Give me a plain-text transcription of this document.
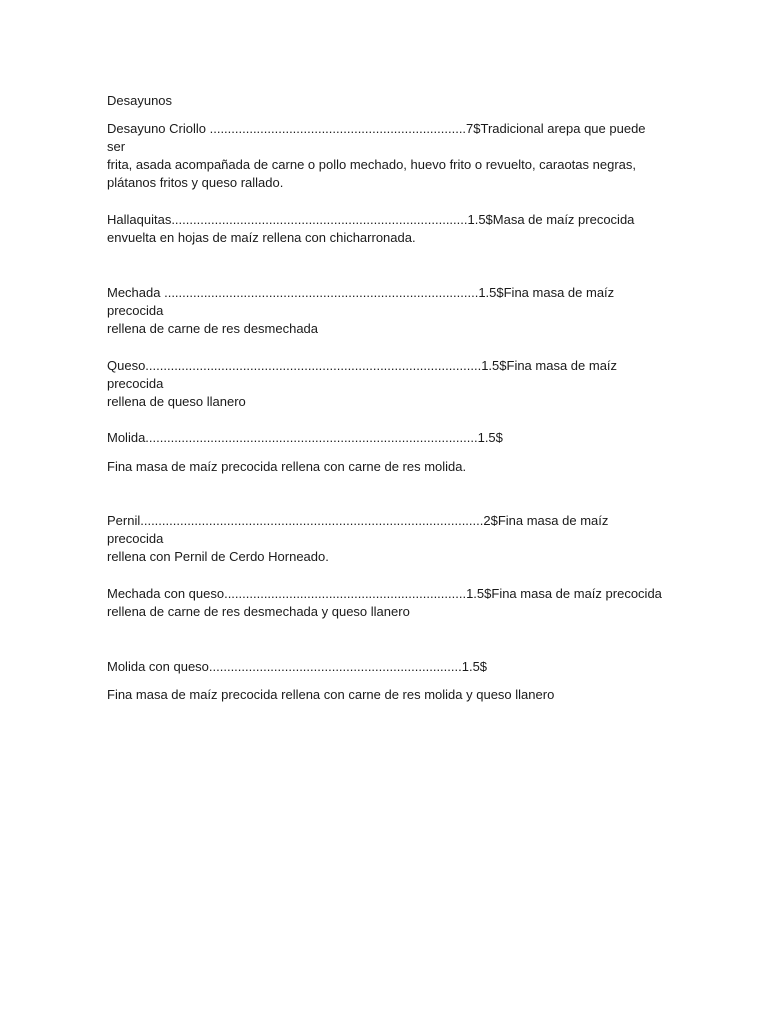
Desayunos

Desayuno Criollo .......................................................................7$Tradicional arepa que puede ser
frita, asada acompañada de carne o pollo mechado, huevo frito o revuelto, caraotas negras,
plátanos fritos y queso rallado.

Hallaquitas..................................................................................1.5$Masa de maíz precocida
envuelta en hojas de maíz rellena con chicharronada.

Mechada .......................................................................................1.5$Fina masa de maíz precocida
rellena de carne de res desmechada

Queso.............................................................................................1.5$Fina masa de maíz precocida
rellena de queso llanero

Molida............................................................................................1.5$

Fina masa de maíz precocida rellena con carne de res molida.

Pernil...............................................................................................2$Fina masa de maíz precocida
rellena con Pernil de Cerdo Horneado.

Mechada con queso...................................................................1.5$Fina masa de maíz precocida
rellena de carne de res desmechada y queso llanero

Molida con queso......................................................................1.5$

Fina masa de maíz precocida rellena con carne de res molida y queso llanero
